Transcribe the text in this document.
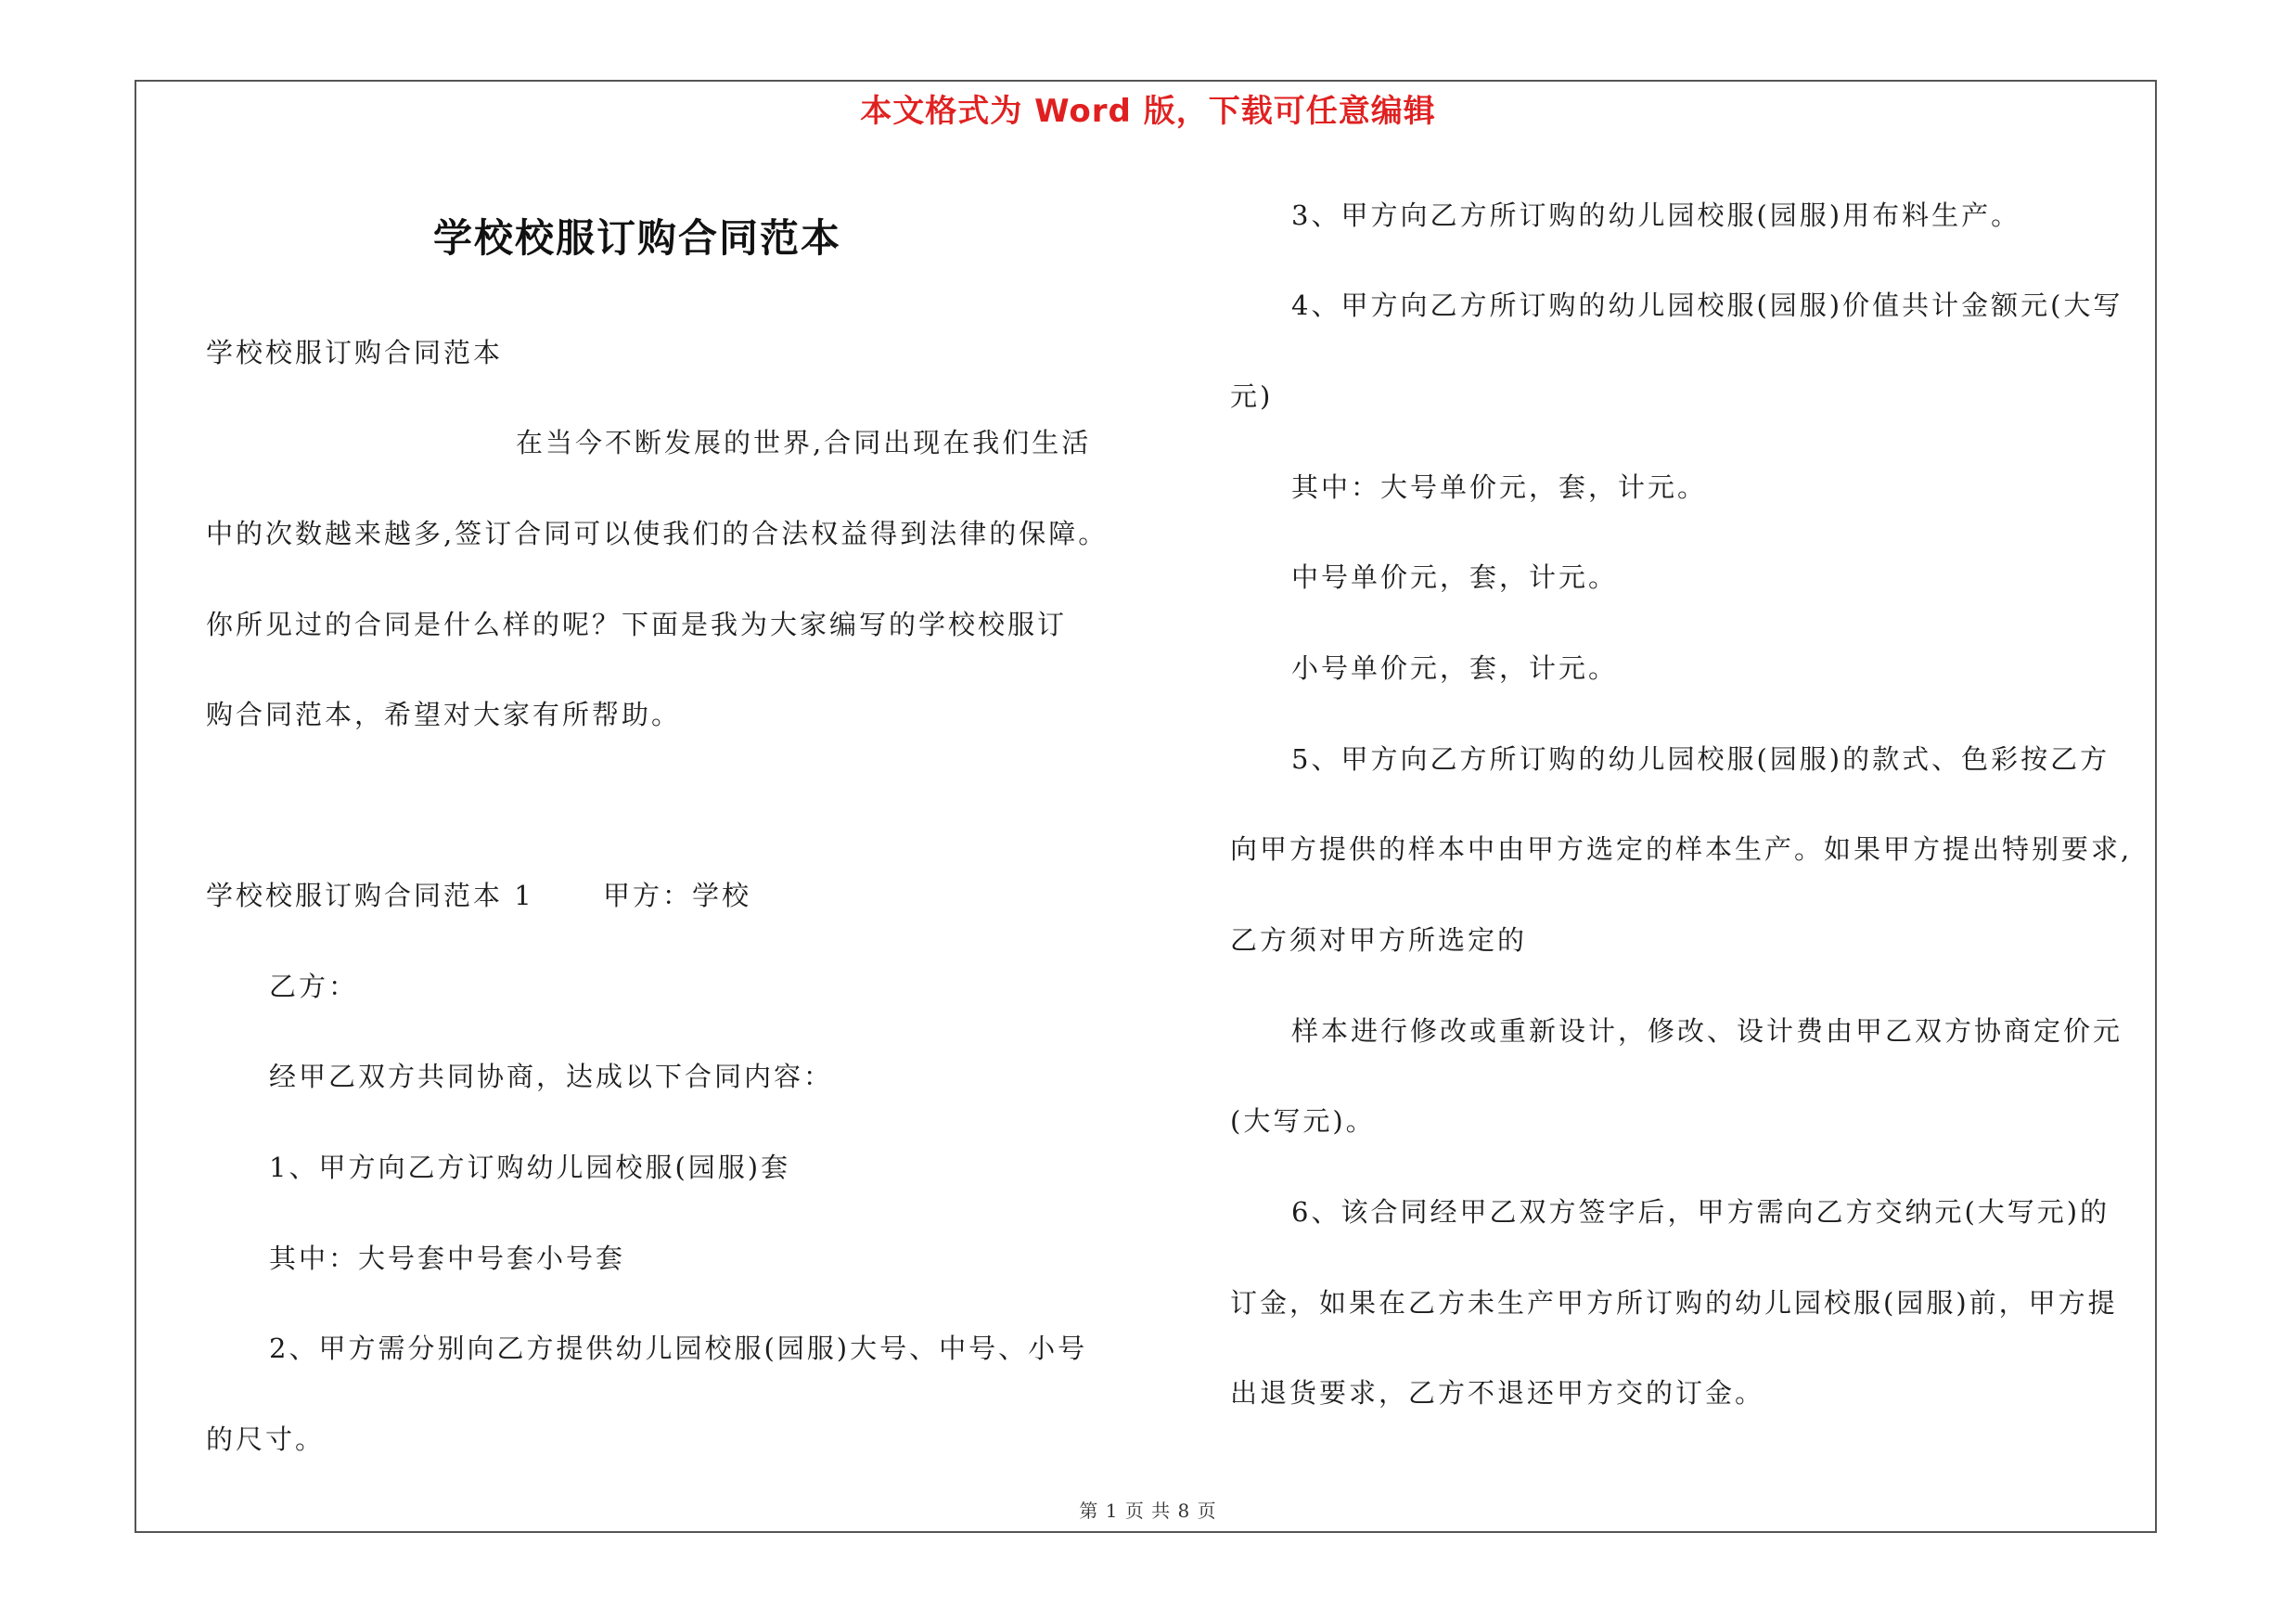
本文格式为 Word 版，下载可任意编辑
学校校服订购合同范本
学校校服订购合同范本
在当今不断发展的世界,合同出现在我们生活
中的次数越来越多,签订合同可以使我们的合法权益得到法律的保障。
你所见过的合同是什么样的呢？下面是我为大家编写的学校校服订
购合同范本，希望对大家有所帮助。
学校校服订购合同范本 1	甲方：学校
乙方：
经甲乙双方共同协商，达成以下合同内容：
1、甲方向乙方订购幼儿园校服(园服)套
其中：大号套中号套小号套
2、甲方需分别向乙方提供幼儿园校服(园服)大号、中号、小号
的尺寸。
3、甲方向乙方所订购的幼儿园校服(园服)用布料生产。
4、甲方向乙方所订购的幼儿园校服(园服)价值共计金额元(大写
元)
其中：大号单价元，套，计元。
中号单价元，套，计元。
小号单价元，套，计元。
5、甲方向乙方所订购的幼儿园校服(园服)的款式、色彩按乙方
向甲方提供的样本中由甲方选定的样本生产。如果甲方提出特别要求,
乙方须对甲方所选定的
样本进行修改或重新设计，修改、设计费由甲乙双方协商定价元
(大写元)。
6、该合同经甲乙双方签字后，甲方需向乙方交纳元(大写元)的
订金，如果在乙方未生产甲方所订购的幼儿园校服(园服)前，甲方提
出退货要求，乙方不退还甲方交的订金。
第 1 页 共 8 页
